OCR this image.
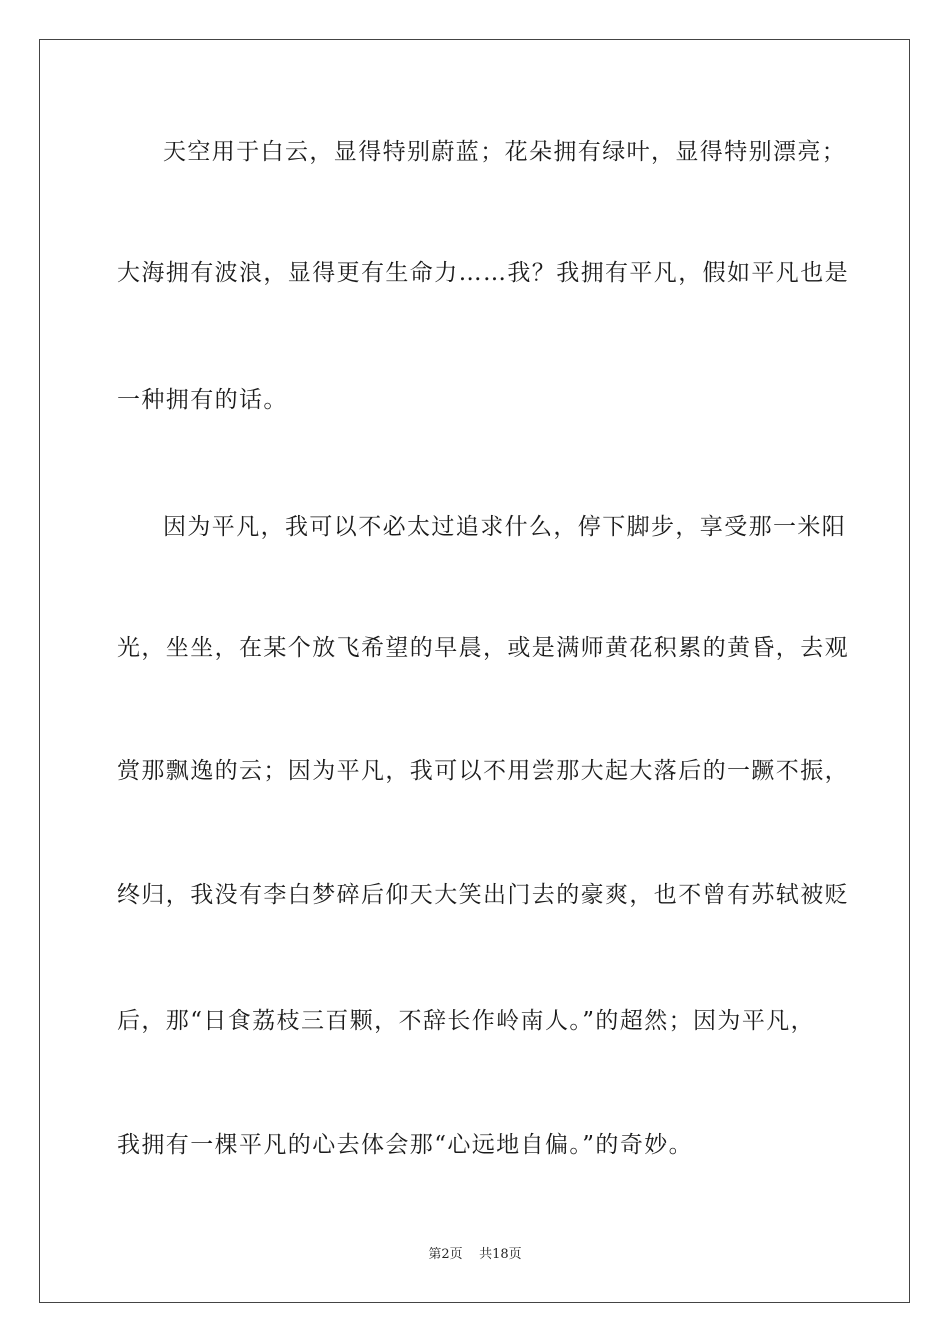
天空用于白云，显得特别蔚蓝；花朵拥有绿叶，显得特别漂亮；
大海拥有波浪，显得更有生命力……我？我拥有平凡，假如平凡也是
一种拥有的话。
因为平凡，我可以不必太过追求什么，停下脚步，享受那一米阳
光，坐坐，在某个放飞希望的早晨，或是满师黄花积累的黄昏，去观
赏那飘逸的云；因为平凡，我可以不用尝那大起大落后的一蹶不振，
终归，我没有李白梦碎后仰天大笑出门去的豪爽，也不曾有苏轼被贬
后，那“日食荔枝三百颗，不辞长作岭南人。”的超然；因为平凡，
我拥有一棵平凡的心去体会那“心远地自偏。”的奇妙。
第2页 共18页
